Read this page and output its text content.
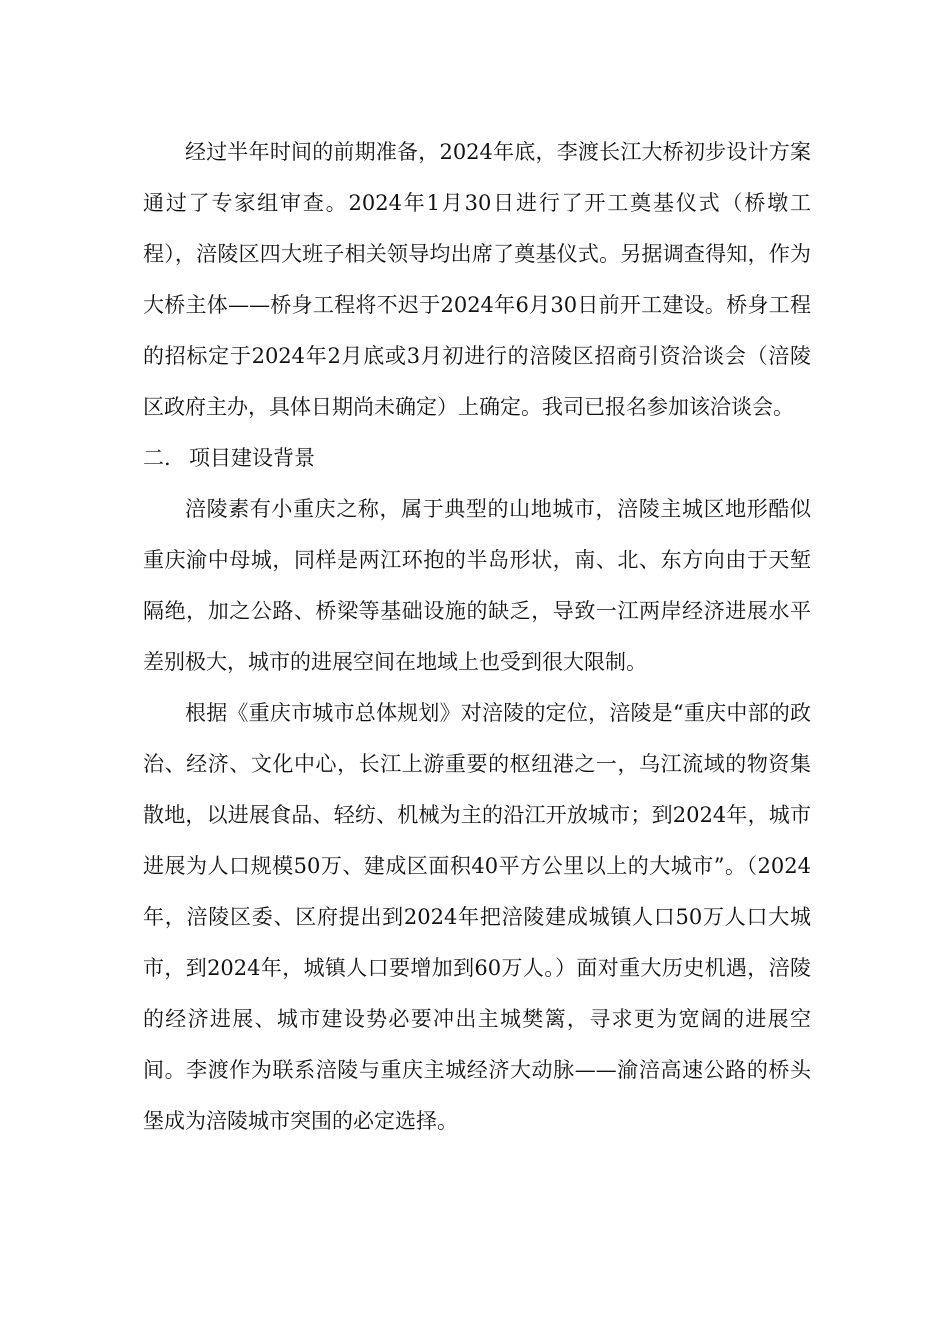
经过半年时间的前期准备，2024年底，李渡长江大桥初步设计方案通过了专家组审查。2024年1月30日进行了开工奠基仪式（桥墩工程），涪陵区四大班子相关领导均出席了奠基仪式。另据调查得知，作为大桥主体——桥身工程将不迟于2024年6月30日前开工建设。桥身工程的招标定于2024年2月底或3月初进行的涪陵区招商引资洽谈会（涪陵区政府主办，具体日期尚未确定）上确定。我司已报名参加该洽谈会。

二. 项目建设背景

涪陵素有小重庆之称，属于典型的山地城市，涪陵主城区地形酷似重庆渝中母城，同样是两江环抱的半岛形状，南、北、东方向由于天堑隔绝，加之公路、桥梁等基础设施的缺乏，导致一江两岸经济进展水平差别极大，城市的进展空间在地域上也受到很大限制。

根据《重庆市城市总体规划》对涪陵的定位，涪陵是“重庆中部的政治、经济、文化中心，长江上游重要的枢纽港之一，乌江流域的物资集散地，以进展食品、轻纺、机械为主的沿江开放城市；到2024年，城市进展为人口规模50万、建成区面积40平方公里以上的大城市”。（2024年，涪陵区委、区府提出到2024年把涪陵建成城镇人口50万人口大城市，到2024年，城镇人口要增加到60万人。）面对重大历史机遇，涪陵的经济进展、城市建设势必要冲出主城樊篱，寻求更为宽阔的进展空间。李渡作为联系涪陵与重庆主城经济大动脉——渝涪高速公路的桥头堡成为涪陵城市突围的必定选择。
